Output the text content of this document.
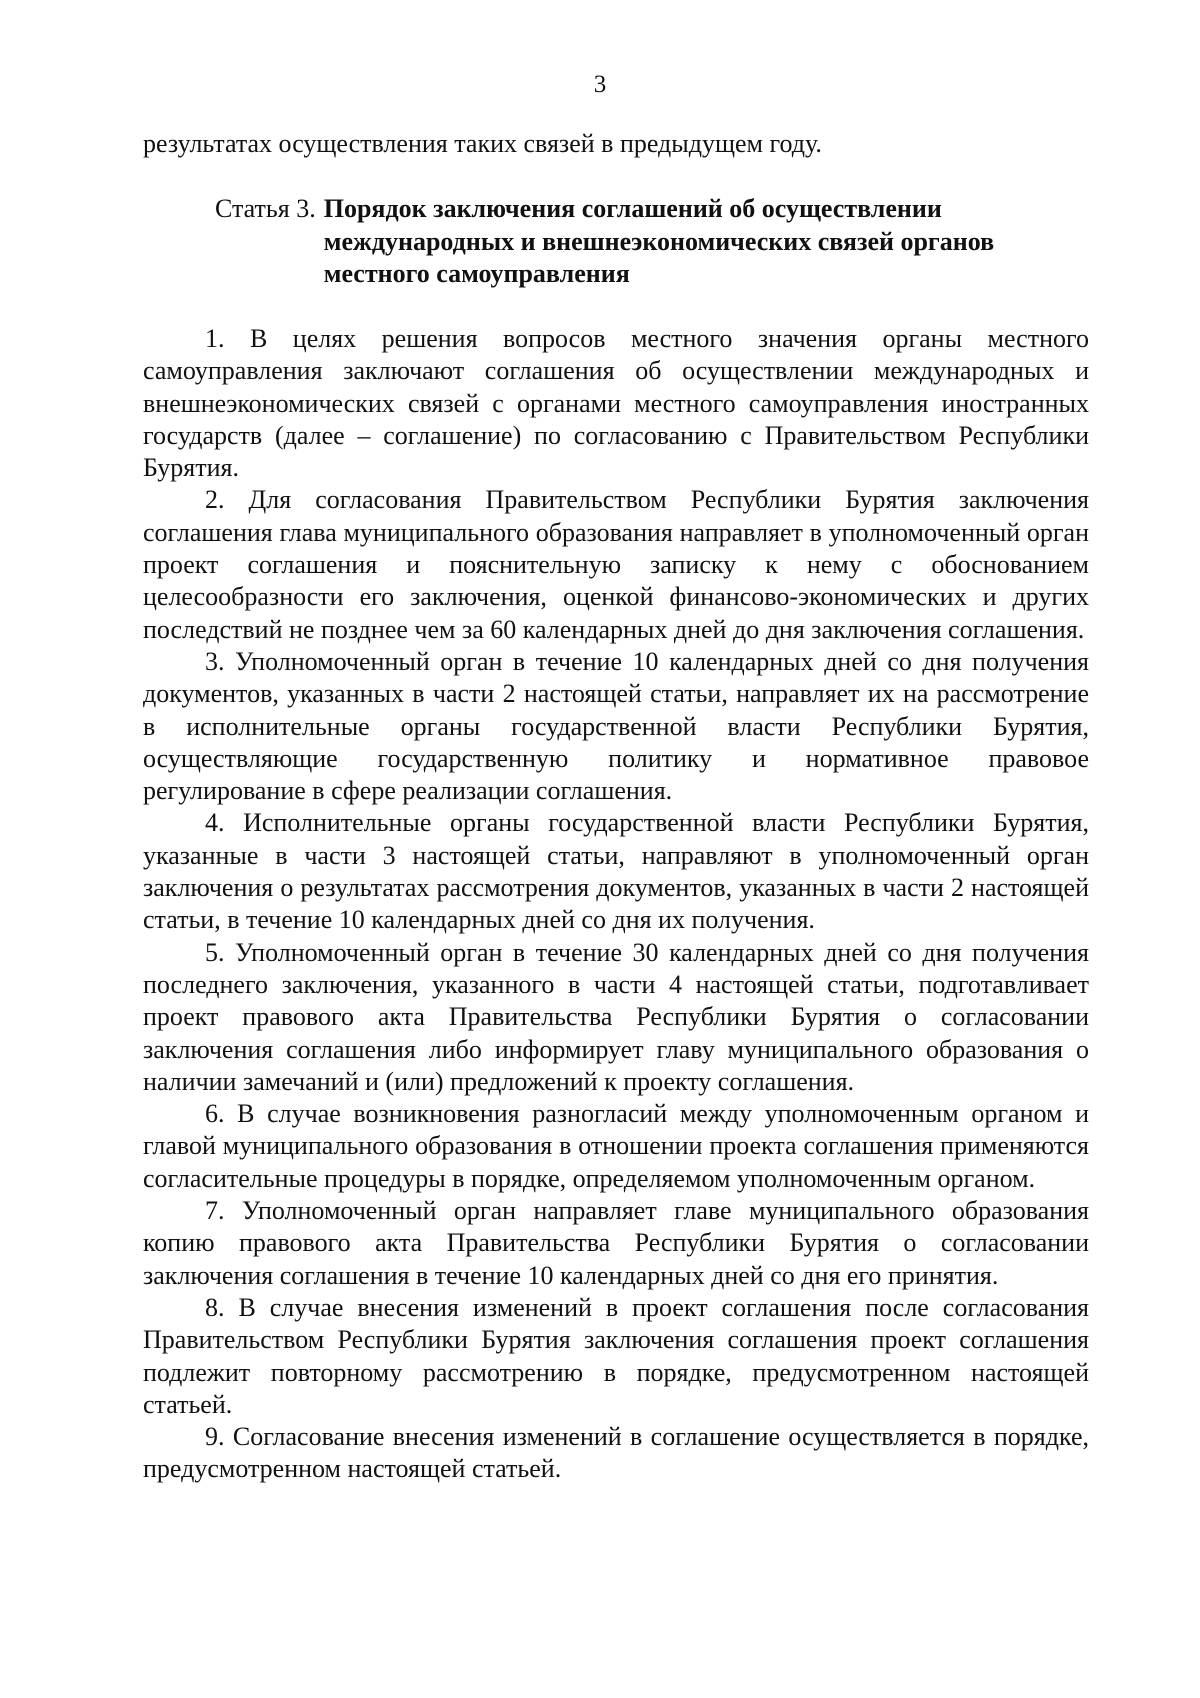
3
результатах осуществления таких связей в предыдущем году.
Статья 3. Порядок заключения соглашений об осуществлении международных и внешнеэкономических связей органов местного самоуправления

1. В целях решения вопросов местного значения органы местного самоуправления заключают соглашения об осуществлении международных и внешнеэкономических связей с органами местного самоуправления иностранных государств (далее – соглашение) по согласованию с Правительством Республики Бурятия.

2. Для согласования Правительством Республики Бурятия заключения соглашения глава муниципального образования направляет в уполномоченный орган проект соглашения и пояснительную записку к нему с обоснованием целесообразности его заключения, оценкой финансово-экономических и других последствий не позднее чем за 60 календарных дней до дня заключения соглашения.

3. Уполномоченный орган в течение 10 календарных дней со дня получения документов, указанных в части 2 настоящей статьи, направляет их на рассмотрение в исполнительные органы государственной власти Республики Бурятия, осуществляющие государственную политику и нормативное правовое регулирование в сфере реализации соглашения.

4. Исполнительные органы государственной власти Республики Бурятия, указанные в части 3 настоящей статьи, направляют в уполномоченный орган заключения о результатах рассмотрения документов, указанных в части 2 настоящей статьи, в течение 10 календарных дней со дня их получения.

5. Уполномоченный орган в течение 30 календарных дней со дня получения последнего заключения, указанного в части 4 настоящей статьи, подготавливает проект правового акта Правительства Республики Бурятия о согласовании заключения соглашения либо информирует главу муниципального образования о наличии замечаний и (или) предложений к проекту соглашения.

6. В случае возникновения разногласий между уполномоченным органом и главой муниципального образования в отношении проекта соглашения применяются согласительные процедуры в порядке, определяемом уполномоченным органом.

7. Уполномоченный орган направляет главе муниципального образования копию правового акта Правительства Республики Бурятия о согласовании заключения соглашения в течение 10 календарных дней со дня его принятия.

8. В случае внесения изменений в проект соглашения после согласования Правительством Республики Бурятия заключения соглашения проект соглашения подлежит повторному рассмотрению в порядке, предусмотренном настоящей статьей.

9. Согласование внесения изменений в соглашение осуществляется в порядке, предусмотренном настоящей статьей.
